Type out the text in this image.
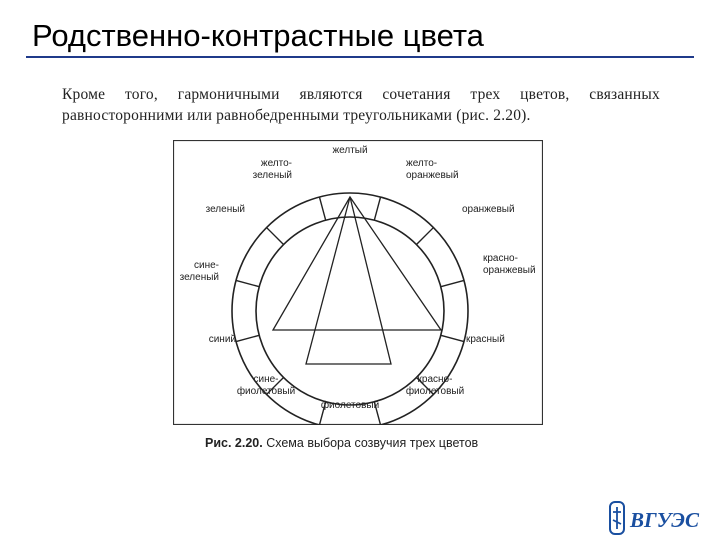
Родственно-контрастные цвета
Кроме того, гармоничными являются сочетания трех цветов, связанных равносторонними или равнобедренными треугольниками (рис. 2.20).
желтый
желто-
оранжевый
оранжевый
красно-
оранжевый
красный
красно-
фиолетовый
фиолетовый
сине-
фиолетовый
синий
сине-
зеленый
зеленый
желто-
зеленый
Рис. 2.20. Схема выбора созвучия трех цветов
ВГУЭС
